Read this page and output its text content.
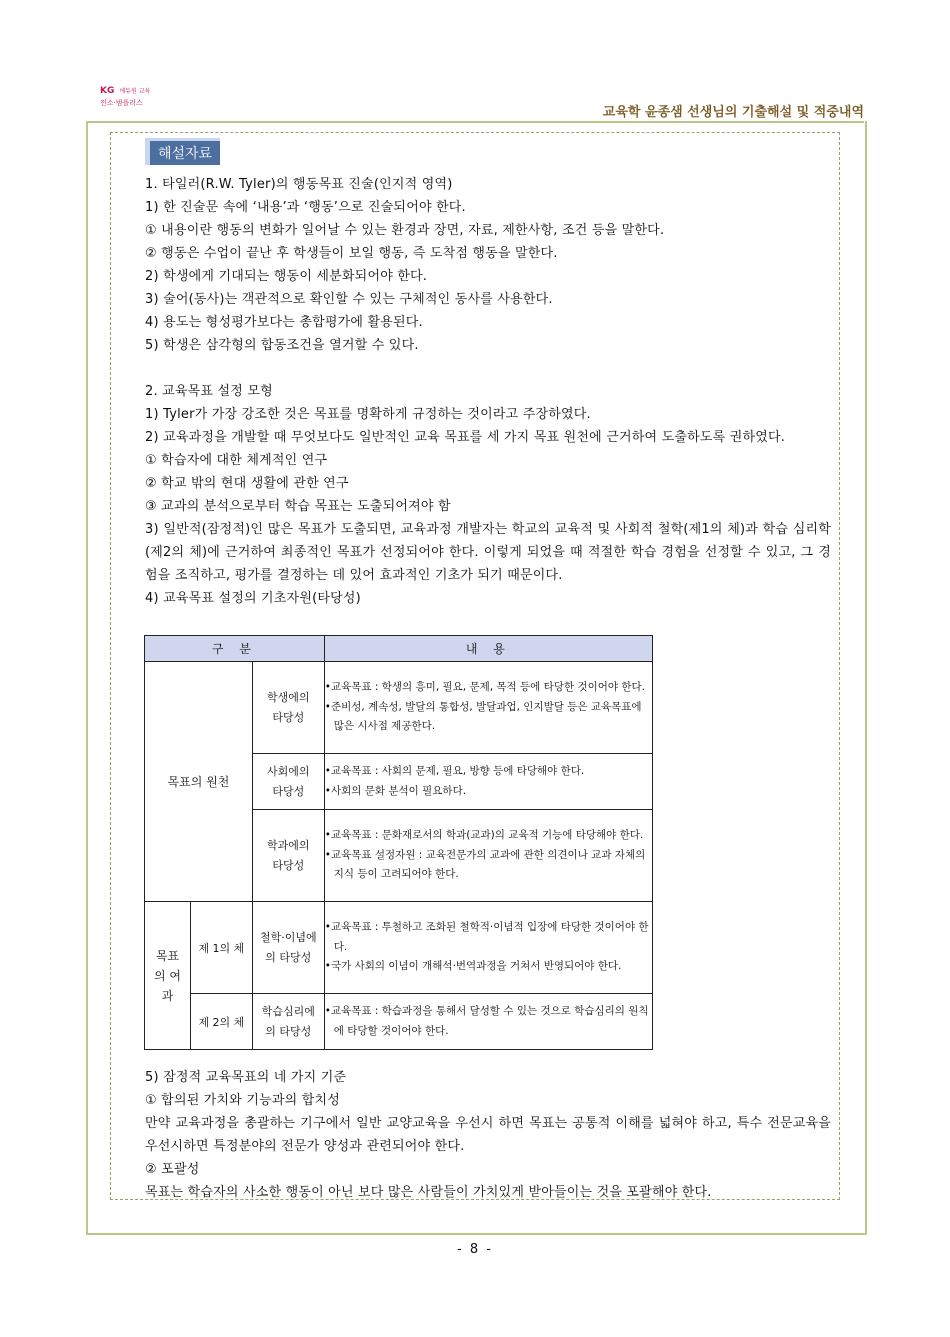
KG 에듀원 교육
전소·범플러스
교육학 윤종샘 선생님의 기출해설 및 적중내역
해설자료

1. 타일러(R.W. Tyler)의 행동목표 진술(인지적 영역)

1) 한 진술문 속에 ‘내용’과 ‘행동’으로 진술되어야 한다.

① 내용이란 행동의 변화가 일어날 수 있는 환경과 장면, 자료, 제한사항, 조건 등을 말한다.

② 행동은 수업이 끝난 후 학생들이 보일 행동, 즉 도착점 행동을 말한다.

2) 학생에게 기대되는 행동이 세분화되어야 한다.

3) 술어(동사)는 객관적으로 확인할 수 있는 구체적인 동사를 사용한다.

4) 용도는 형성평가보다는 총합평가에 활용된다.

5) 학생은 삼각형의 합동조건을 열거할 수 있다.

2. 교육목표 설정 모형

1) Tyler가 가장 강조한 것은 목표를 명확하게 규정하는 것이라고 주장하였다.

2) 교육과정을 개발할 때 무엇보다도 일반적인 교육 목표를 세 가지 목표 원천에 근거하여 도출하도록 권하였다.

① 학습자에 대한 체계적인 연구

② 학교 밖의 현대 생활에 관한 연구

③ 교과의 분석으로부터 학습 목표는 도출되어져야 함

3) 일반적(잠정적)인 많은 목표가 도출되면, 교육과정 개발자는 학교의 교육적 및 사회적 철학(제1의 체)과 학습 심리학(제2의 체)에 근거하여 최종적인 목표가 선정되어야 한다. 이렇게 되었을 때 적절한 학습 경험을 선정할 수 있고, 그 경험을 조직하고, 평가를 결정하는 데 있어 효과적인 기초가 되기 때문이다.

4) 교육목표 설정의 기초자원(타당성)

구 분			내 용
목표의 원천		학생에의 타당성	•교육목표 : 학생의 흥미, 필요, 문제, 목적 등에 타당한 것이어야 한다.
•준비성, 계속성, 발달의 통합성, 발달과업, 인지발달 등은 교육목표에 많은 시사점 제공한다.

		사회에의 타당성	•교육목표 : 사회의 문제, 필요, 방향 등에 타당해야 한다.
•사회의 문화 분석이 필요하다.

		학과에의 타당성	•교육목표 : 문화재로서의 학과(교과)의 교육적 기능에 타당해야 한다.
•교육목표 설정자원 : 교육전문가의 교과에 관한 의견이나 교과 자체의 지식 등이 고려되어야 한다.

목표의 여과	제 1의 체	철학·이념에의 타당성	•교육목표 : 투철하고 조화된 철학적·이념적 입장에 타당한 것이어야 한다.
•국가 사회의 이념이 개해석·번역과정을 거쳐서 반영되어야 한다.

	제 2의 체	학습심리에의 타당성	•교육목표 : 학습과정을 통해서 달성할 수 있는 것으로 학습심리의 원칙에 타당할 것이어야 한다.

5) 잠정적 교육목표의 네 가지 기준

① 합의된 가치와 기능과의 합치성

만약 교육과정을 총괄하는 기구에서 일반 교양교육을 우선시 하면 목표는 공통적 이해를 넓혀야 하고, 특수 전문교육을 우선시하면 특정분야의 전문가 양성과 관련되어야 한다.

② 포괄성

목표는 학습자의 사소한 행동이 아닌 보다 많은 사람들이 가치있게 받아들이는 것을 포괄해야 한다.

- 8 -
